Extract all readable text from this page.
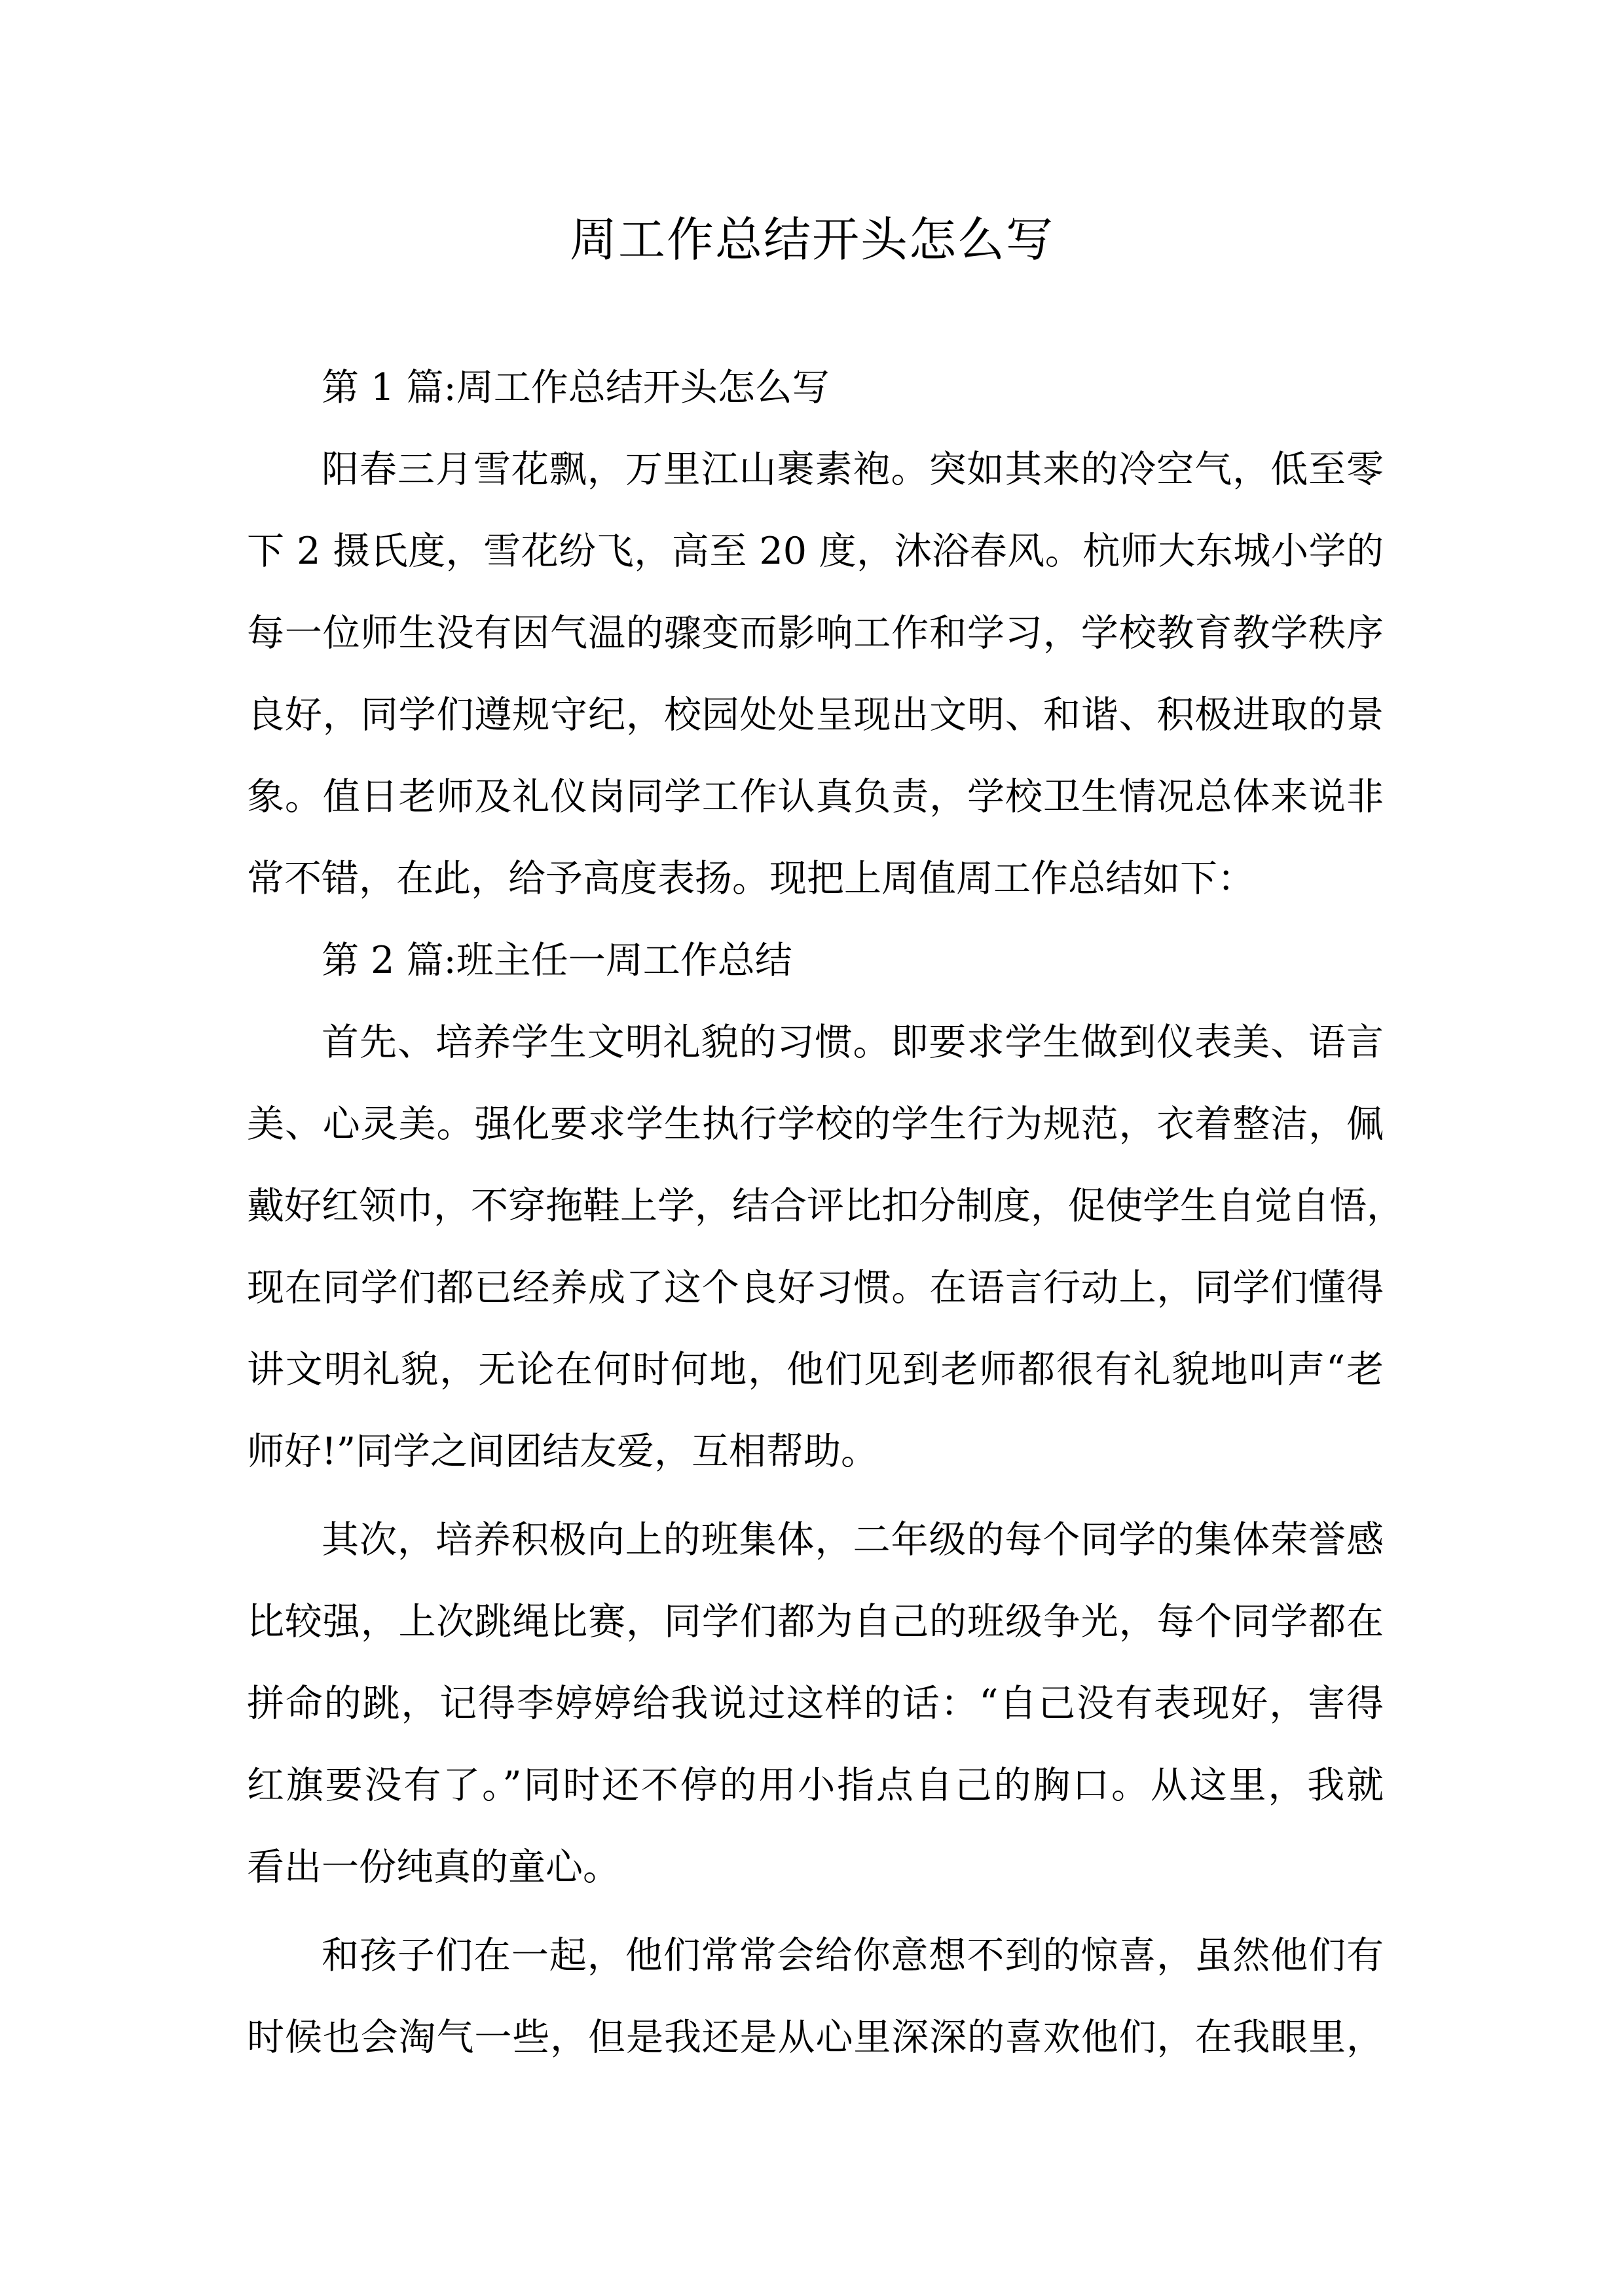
周工作总结开头怎么写
第 1 篇:周工作总结开头怎么写
阳春三月雪花飘，万里江山裹素袍。突如其来的冷空气，低至零
下 2 摄氏度，雪花纷飞，高至 20 度，沐浴春风。杭师大东城小学的
每一位师生没有因气温的骤变而影响工作和学习，学校教育教学秩序
良好，同学们遵规守纪，校园处处呈现出文明、和谐、积极进取的景
象。值日老师及礼仪岗同学工作认真负责，学校卫生情况总体来说非
常不错，在此，给予高度表扬。现把上周值周工作总结如下：
第 2 篇:班主任一周工作总结
首先、培养学生文明礼貌的习惯。即要求学生做到仪表美、语言
美、心灵美。强化要求学生执行学校的学生行为规范，衣着整洁，佩
戴好红领巾，不穿拖鞋上学，结合评比扣分制度，促使学生自觉自悟，
现在同学们都已经养成了这个良好习惯。在语言行动上，同学们懂得
讲文明礼貌，无论在何时何地，他们见到老师都很有礼貌地叫声“老
师好!”同学之间团结友爱，互相帮助。
其次，培养积极向上的班集体，二年级的每个同学的集体荣誉感
比较强，上次跳绳比赛，同学们都为自己的班级争光，每个同学都在
拼命的跳，记得李婷婷给我说过这样的话：“自己没有表现好，害得
红旗要没有了。”同时还不停的用小指点自己的胸口。从这里，我就
看出一份纯真的童心。
和孩子们在一起，他们常常会给你意想不到的惊喜，虽然他们有
时候也会淘气一些，但是我还是从心里深深的喜欢他们，在我眼里，
